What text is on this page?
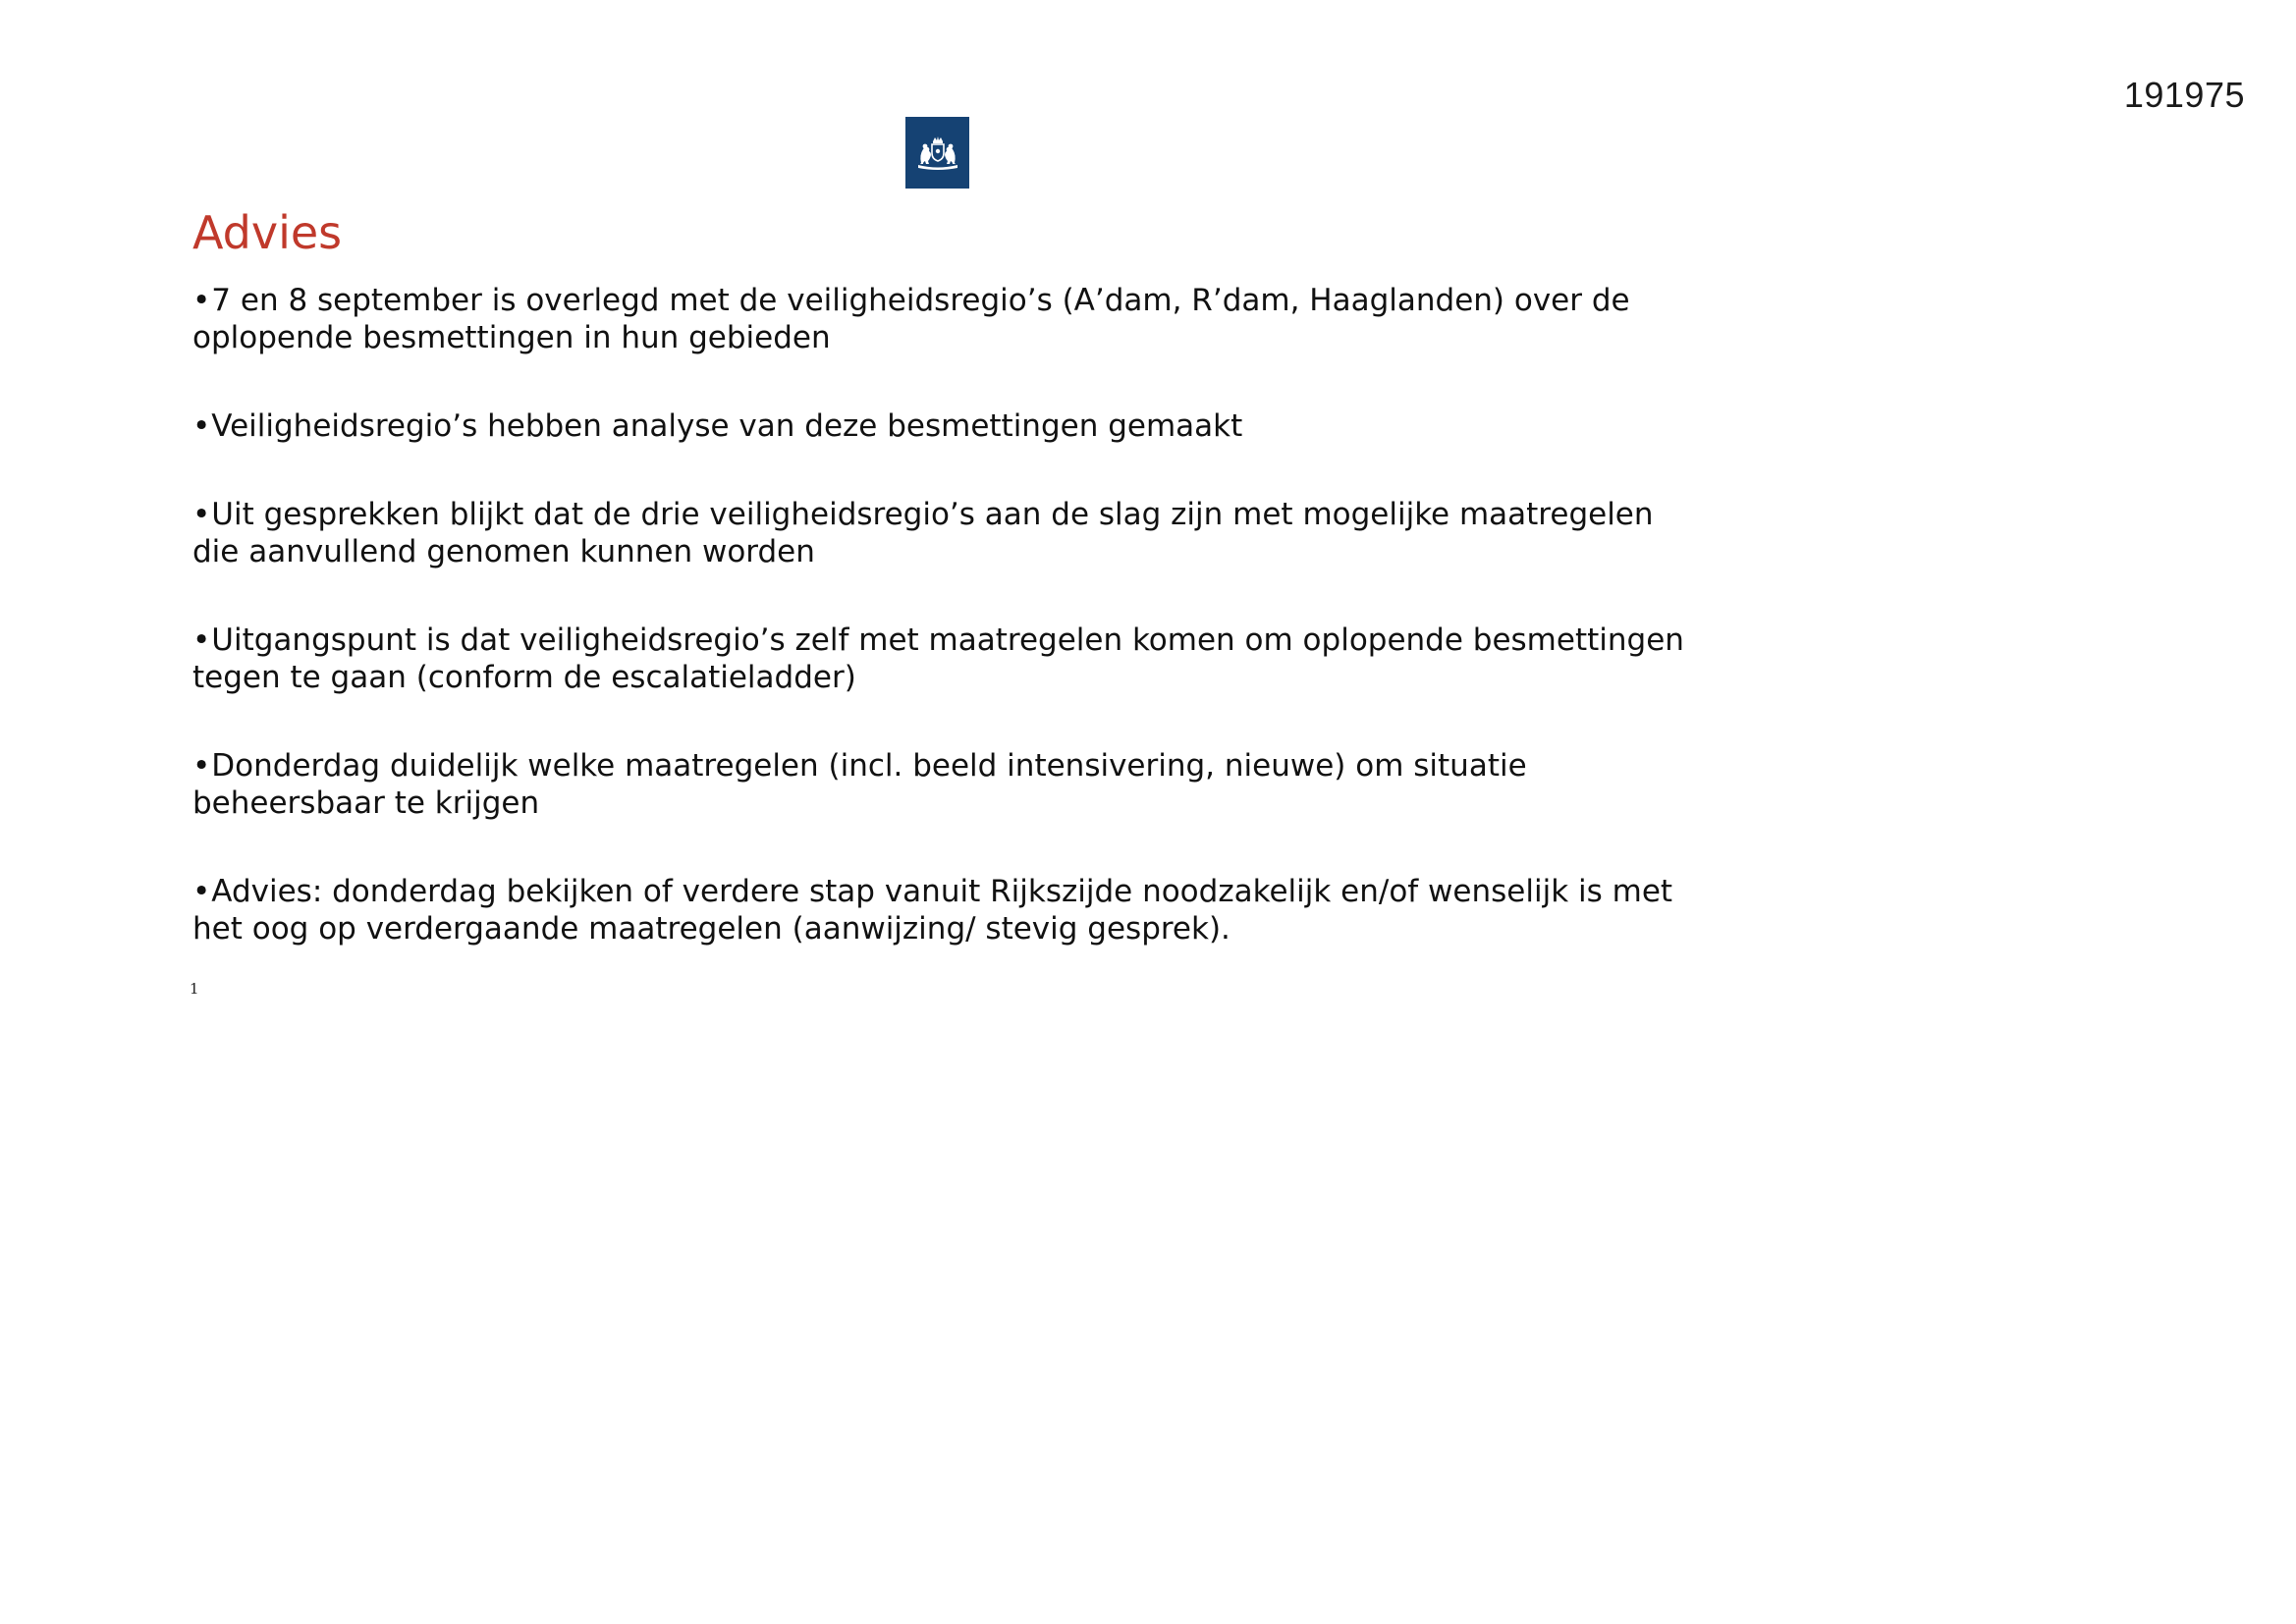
191975
Advies
•7 en 8 september is overlegd met de veiligheidsregio’s (A’dam, R’dam, Haaglanden) over de oplopende besmettingen in hun gebieden
•Veiligheidsregio’s hebben analyse van deze besmettingen gemaakt
•Uit gesprekken blijkt dat de drie veiligheidsregio’s aan de slag zijn met mogelijke maatregelen die aanvullend genomen kunnen worden
•Uitgangspunt is dat veiligheidsregio’s zelf met maatregelen komen om oplopende besmettingen tegen te gaan (conform de escalatieladder)
•Donderdag duidelijk welke maatregelen (incl. beeld intensivering, nieuwe) om situatie beheersbaar te krijgen
•Advies: donderdag bekijken of verdere stap vanuit Rijkszijde noodzakelijk en/of wenselijk is met het oog op verdergaande maatregelen (aanwijzing/ stevig gesprek).
1
